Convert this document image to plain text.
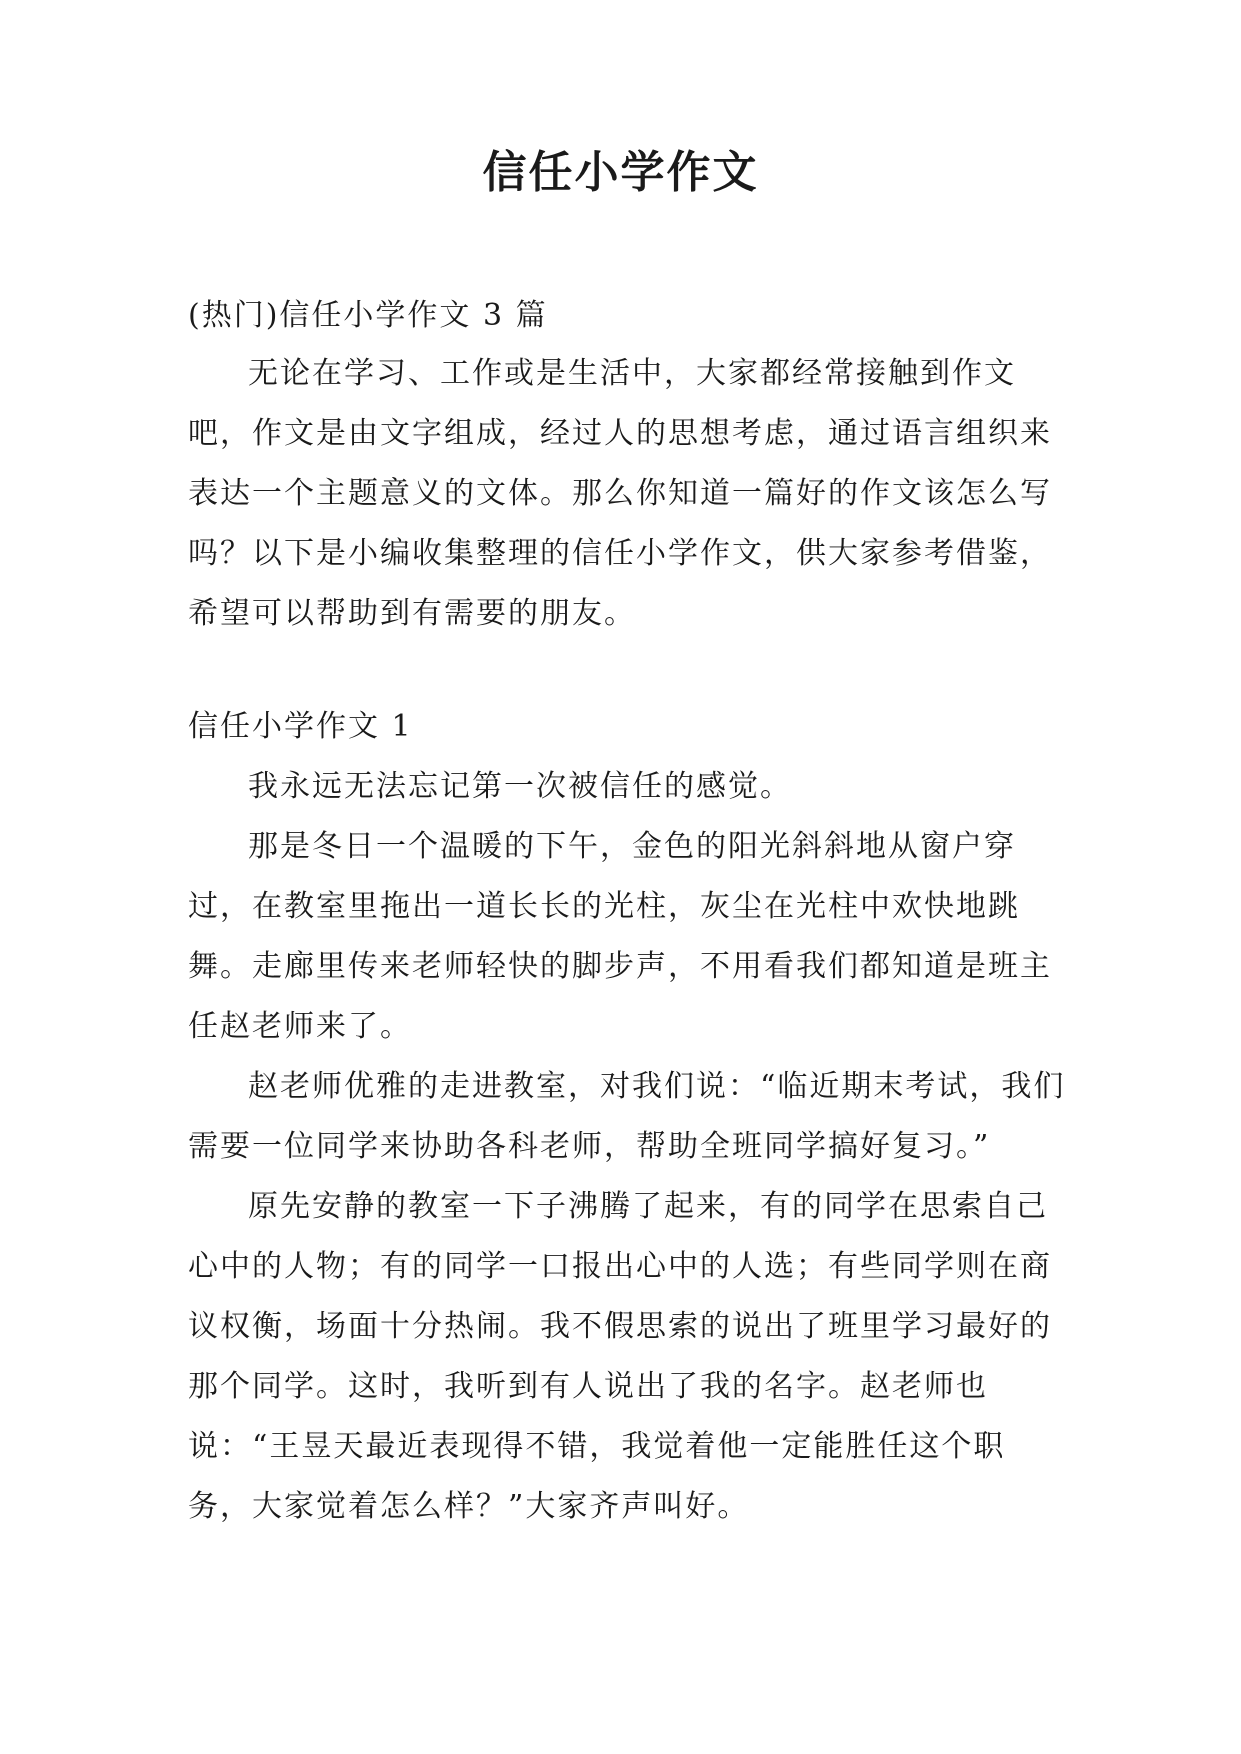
信任小学作文

(热门)信任小学作文 3 篇

无论在学习、工作或是生活中，大家都经常接触到作文吧，作文是由文字组成，经过人的思想考虑，通过语言组织来表达一个主题意义的文体。那么你知道一篇好的作文该怎么写吗？以下是小编收集整理的信任小学作文，供大家参考借鉴，希望可以帮助到有需要的朋友。

信任小学作文 1

我永远无法忘记第一次被信任的感觉。

那是冬日一个温暖的下午，金色的阳光斜斜地从窗户穿过，在教室里拖出一道长长的光柱，灰尘在光柱中欢快地跳舞。走廊里传来老师轻快的脚步声，不用看我们都知道是班主任赵老师来了。

赵老师优雅的走进教室，对我们说：“临近期末考试，我们需要一位同学来协助各科老师，帮助全班同学搞好复习。”

原先安静的教室一下子沸腾了起来，有的同学在思索自己心中的人物；有的同学一口报出心中的人选；有些同学则在商议权衡，场面十分热闹。我不假思索的说出了班里学习最好的那个同学。这时，我听到有人说出了我的名字。赵老师也说：“王昱天最近表现得不错，我觉着他一定能胜任这个职务，大家觉着怎么样？”大家齐声叫好。
